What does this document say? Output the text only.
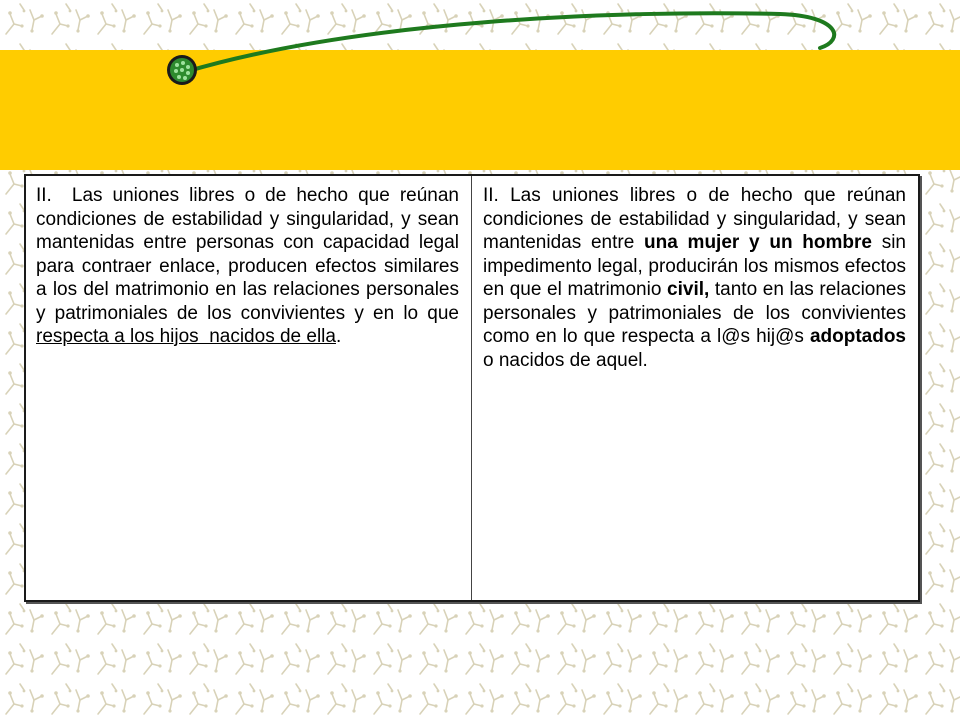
II.  Las uniones libres o de hecho que reúnan condiciones de estabilidad y singularidad, y sean mantenidas entre personas con capacidad legal para contraer enlace, producen efectos similares a los del matrimonio en las relaciones personales y patrimoniales de los convivientes y en lo que respecta a los hijos  nacidos de ella.
II. Las uniones libres o de hecho que reúnan condiciones de estabilidad y singularidad, y sean mantenidas entre una mujer y un hombre sin impedimento legal, producirán los mismos efectos en que el matrimonio civil, tanto en las relaciones personales y patrimoniales de los convivientes como en lo que respecta a l@s hij@s adoptados o nacidos de aquel.
